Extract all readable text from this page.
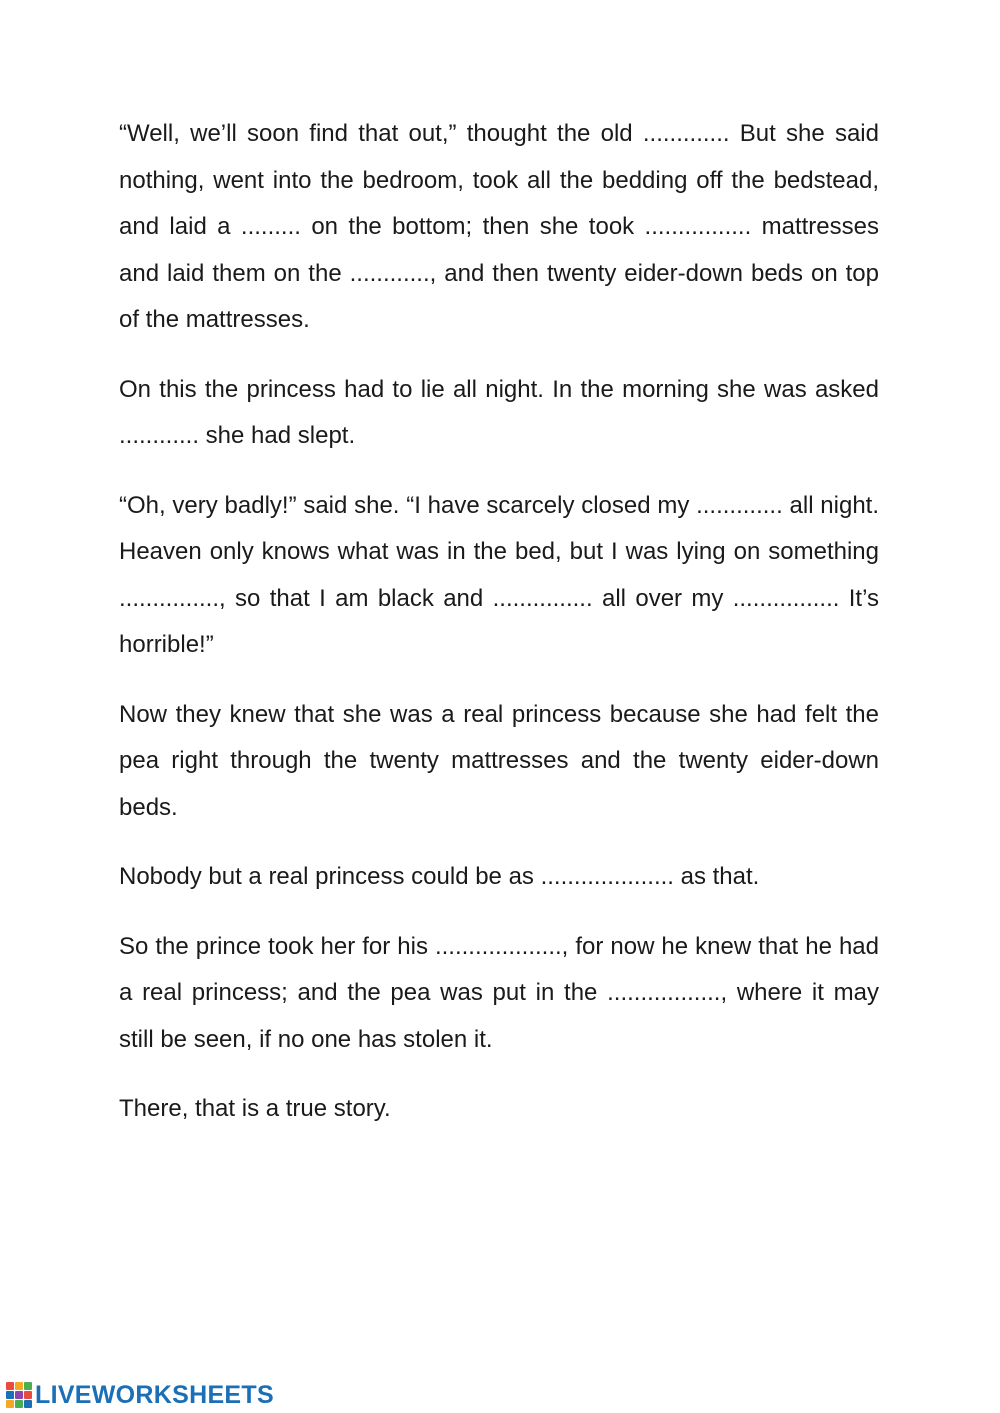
“Well, we’ll soon find that out,” thought the old ............. But she said nothing, went into the bedroom, took all the bedding off the bedstead, and laid a ......... on the bottom; then she took ................ mattresses and laid them on the ............, and then twenty eider-down beds on top of the mattresses.

On this the princess had to lie all night. In the morning she was asked ............ she had slept.

“Oh, very badly!” said she. “I have scarcely closed my ............. all night. Heaven only knows what was in the bed, but I was lying on something ..............., so that I am black and ............... all over my ................ It’s horrible!”

Now they knew that she was a real princess because she had felt the pea right through the twenty mattresses and the twenty eider-down beds.

Nobody but a real princess could be as .................... as that.

So the prince took her for his ..................., for now he knew that he had a real princess; and the pea was put in the ................., where it may still be seen, if no one has stolen it.

There, that is a true story.

LIVEWORKSHEETS
